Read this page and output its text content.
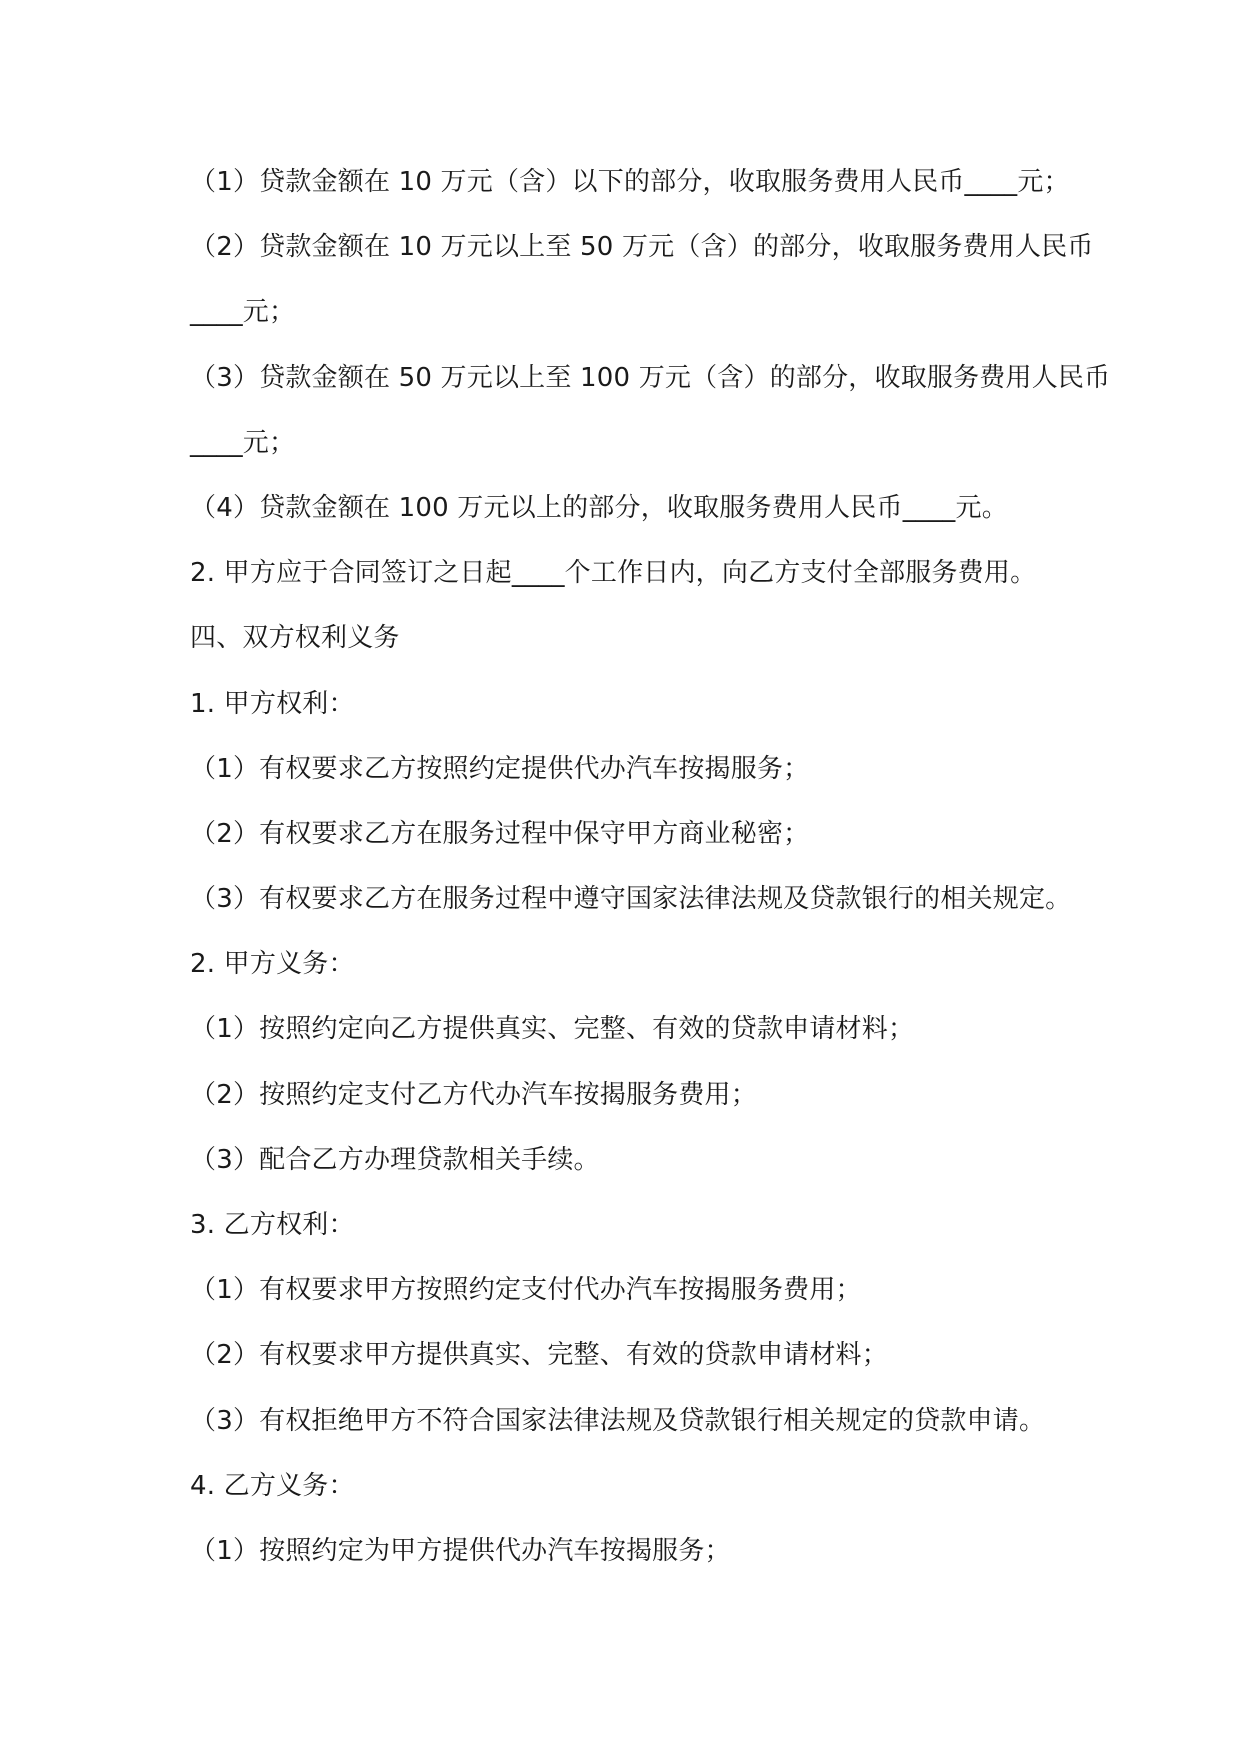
（1）贷款金额在 10 万元（含）以下的部分，收取服务费用人民币____元；
（2）贷款金额在 10 万元以上至 50 万元（含）的部分，收取服务费用人民币
____元；
（3）贷款金额在 50 万元以上至 100 万元（含）的部分，收取服务费用人民币
____元；
（4）贷款金额在 100 万元以上的部分，收取服务费用人民币____元。
2. 甲方应于合同签订之日起____个工作日内，向乙方支付全部服务费用。
四、双方权利义务
1. 甲方权利：
（1）有权要求乙方按照约定提供代办汽车按揭服务；
（2）有权要求乙方在服务过程中保守甲方商业秘密；
（3）有权要求乙方在服务过程中遵守国家法律法规及贷款银行的相关规定。
2. 甲方义务：
（1）按照约定向乙方提供真实、完整、有效的贷款申请材料；
（2）按照约定支付乙方代办汽车按揭服务费用；
（3）配合乙方办理贷款相关手续。
3. 乙方权利：
（1）有权要求甲方按照约定支付代办汽车按揭服务费用；
（2）有权要求甲方提供真实、完整、有效的贷款申请材料；
（3）有权拒绝甲方不符合国家法律法规及贷款银行相关规定的贷款申请。
4. 乙方义务：
（1）按照约定为甲方提供代办汽车按揭服务；
